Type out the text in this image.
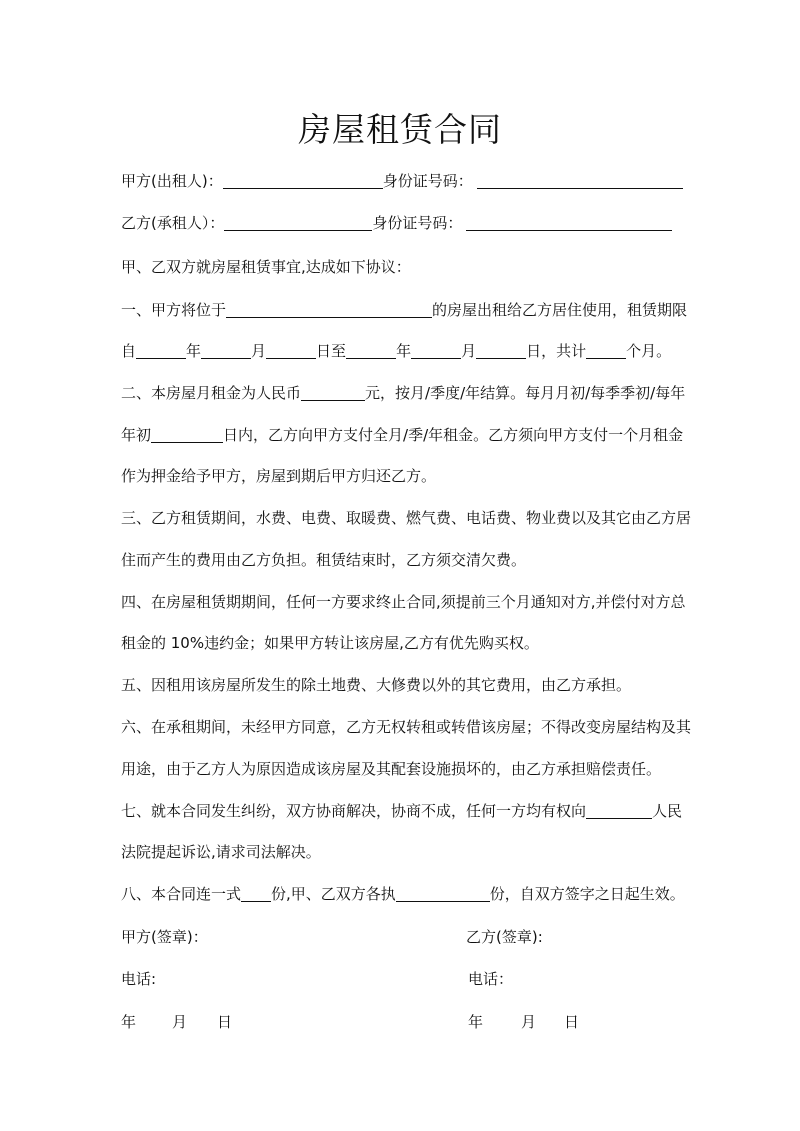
房屋租赁合同
甲方(出租人)：	身份证号码：
乙方(承租人）：	身份证号码：
甲、乙双方就房屋租赁事宜,达成如下协议：
一、甲方将位于	的房屋出租给乙方居住使用，租赁期限
自	年	月	日至	年	月	日，共计	个月。
二、本房屋月租金为人民币	元，按月/季度/年结算。每月月初/每季季初/每年
年初	日内，乙方向甲方支付全月/季/年租金。乙方须向甲方支付一个月租金
作为押金给予甲方，房屋到期后甲方归还乙方。
三、乙方租赁期间，水费、电费、取暖费、燃气费、电话费、物业费以及其它由乙方居
住而产生的费用由乙方负担。租赁结束时，乙方须交清欠费。
四、在房屋租赁期期间，任何一方要求终止合同,须提前三个月通知对方,并偿付对方总
租金的 10%违约金；如果甲方转让该房屋,乙方有优先购买权。
五、因租用该房屋所发生的除土地费、大修费以外的其它费用，由乙方承担。
六、在承租期间，未经甲方同意，乙方无权转租或转借该房屋；不得改变房屋结构及其
用途，由于乙方人为原因造成该房屋及其配套设施损坏的，由乙方承担赔偿责任。
七、就本合同发生纠纷，双方协商解决，协商不成，任何一方均有权向	人民
法院提起诉讼,请求司法解决。
八、本合同连一式 份,甲、乙双方各执	份，自双方签字之日起生效。
甲方(签章)：	乙方(签章):
电话:	电话：
年 月 日	年	月 日
